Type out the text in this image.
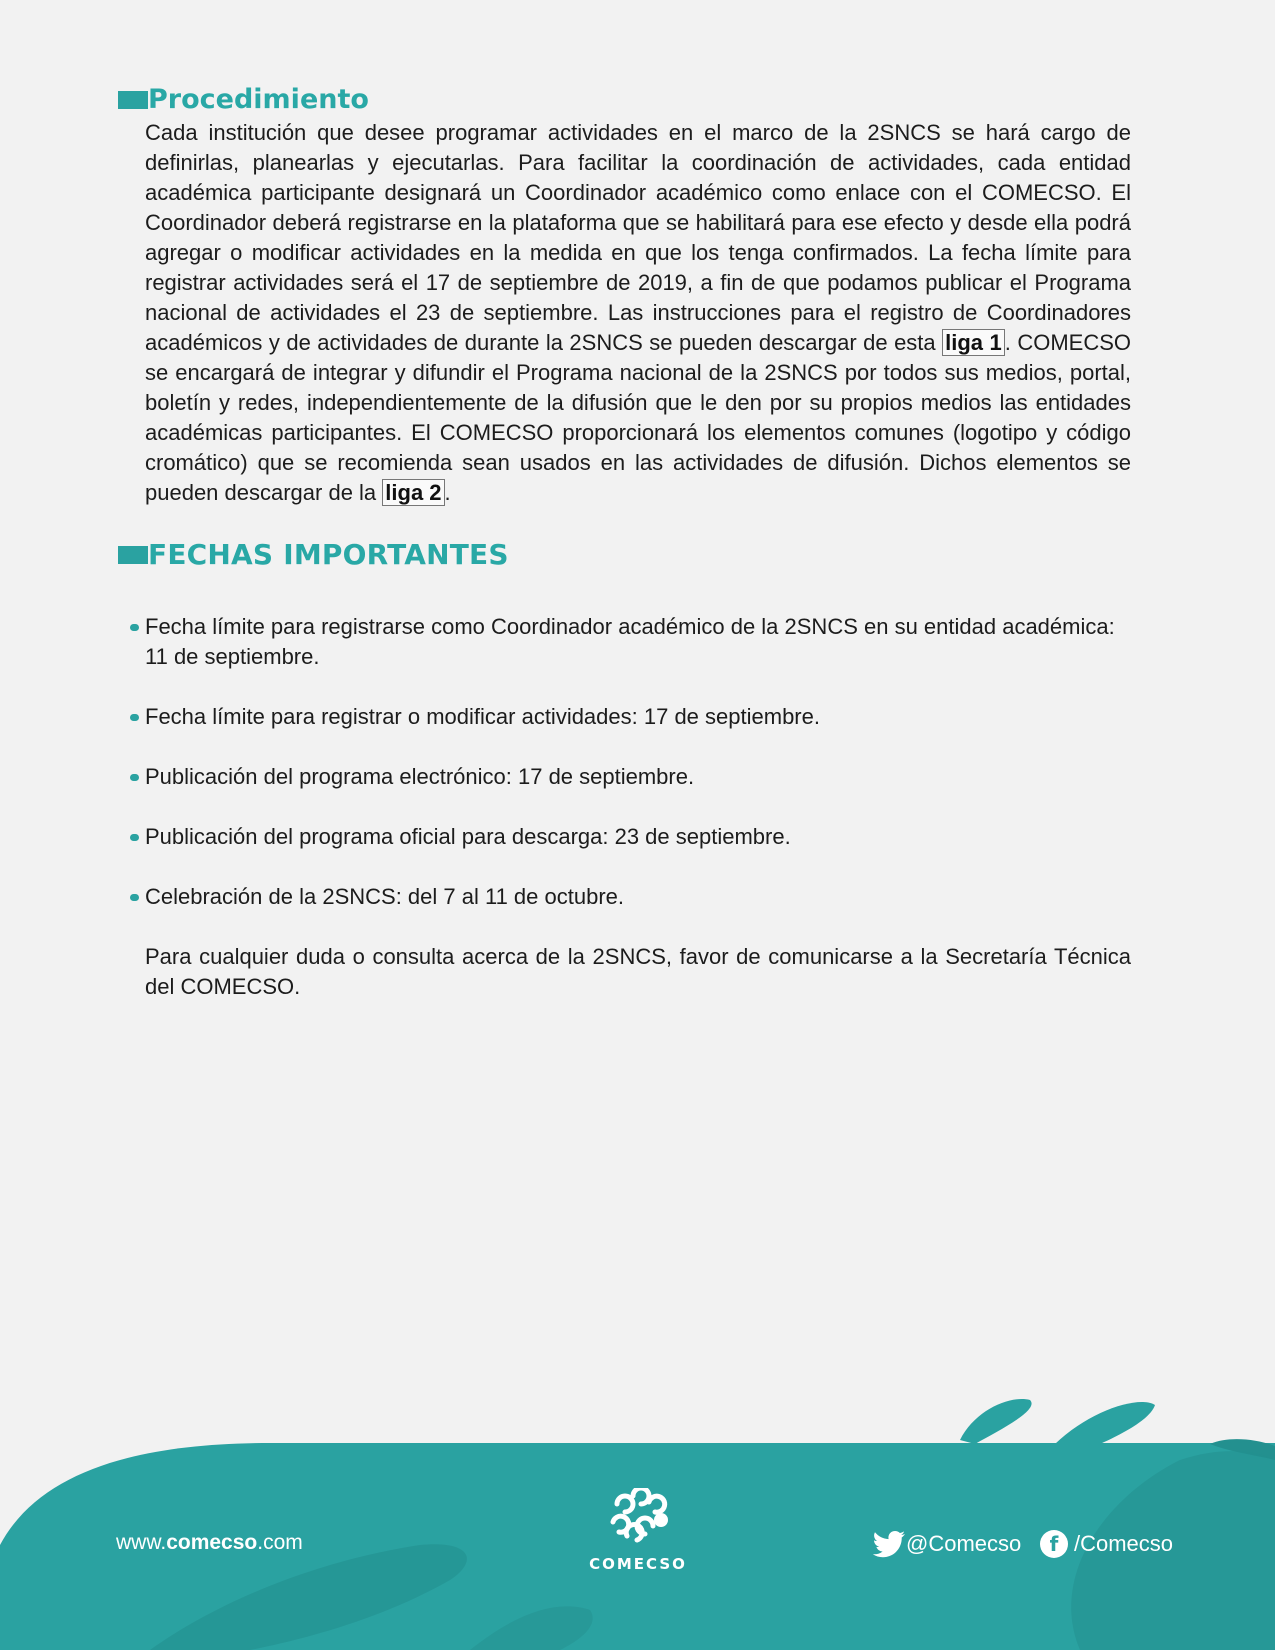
Procedimiento

Cada institución que desee programar actividades en el marco de la 2SNCS se hará cargo de definirlas, planearlas y ejecutarlas. Para facilitar la coordinación de actividades, cada entidad académica participante designará un Coordinador académico como enlace con el COMECSO. El Coordinador deberá registrarse en la plataforma que se habilitará para ese efecto y desde ella podrá agregar o modificar actividades en la medida en que los tenga confirmados. La fecha límite para registrar actividades será el 17 de septiembre de 2019, a fin de que podamos publicar el Programa nacional de actividades el 23 de septiembre. Las instrucciones para el registro de Coordinadores académicos y de actividades de durante la 2SNCS se pueden descargar de esta liga 1 . COMECSO se encargará de integrar y difundir el Programa nacional de la 2SNCS por todos sus medios, portal, boletín y redes, independientemente de la difusión que le den por su propios medios las entidades académicas participantes. El COMECSO proporcionará los elementos comunes (logotipo y código cromático) que se recomienda sean usados en las actividades de difusión. Dichos elementos se pueden descargar de la liga 2 .

FECHAS IMPORTANTES
Fecha límite para registrarse como Coordinador académico de la 2SNCS en su entidad académica: 11 de septiembre.
Fecha límite para registrar o modificar actividades: 17 de septiembre.
Publicación del programa electrónico: 17 de septiembre.
Publicación del programa oficial para descarga: 23 de septiembre.
Celebración de la 2SNCS: del 7 al 11 de octubre.

Para cualquier duda o consulta acerca de la 2SNCS, favor de comunicarse a la Secretaría Técnica del COMECSO.

www.comecso.com
COMECSO
@Comecso	f /Comecso
